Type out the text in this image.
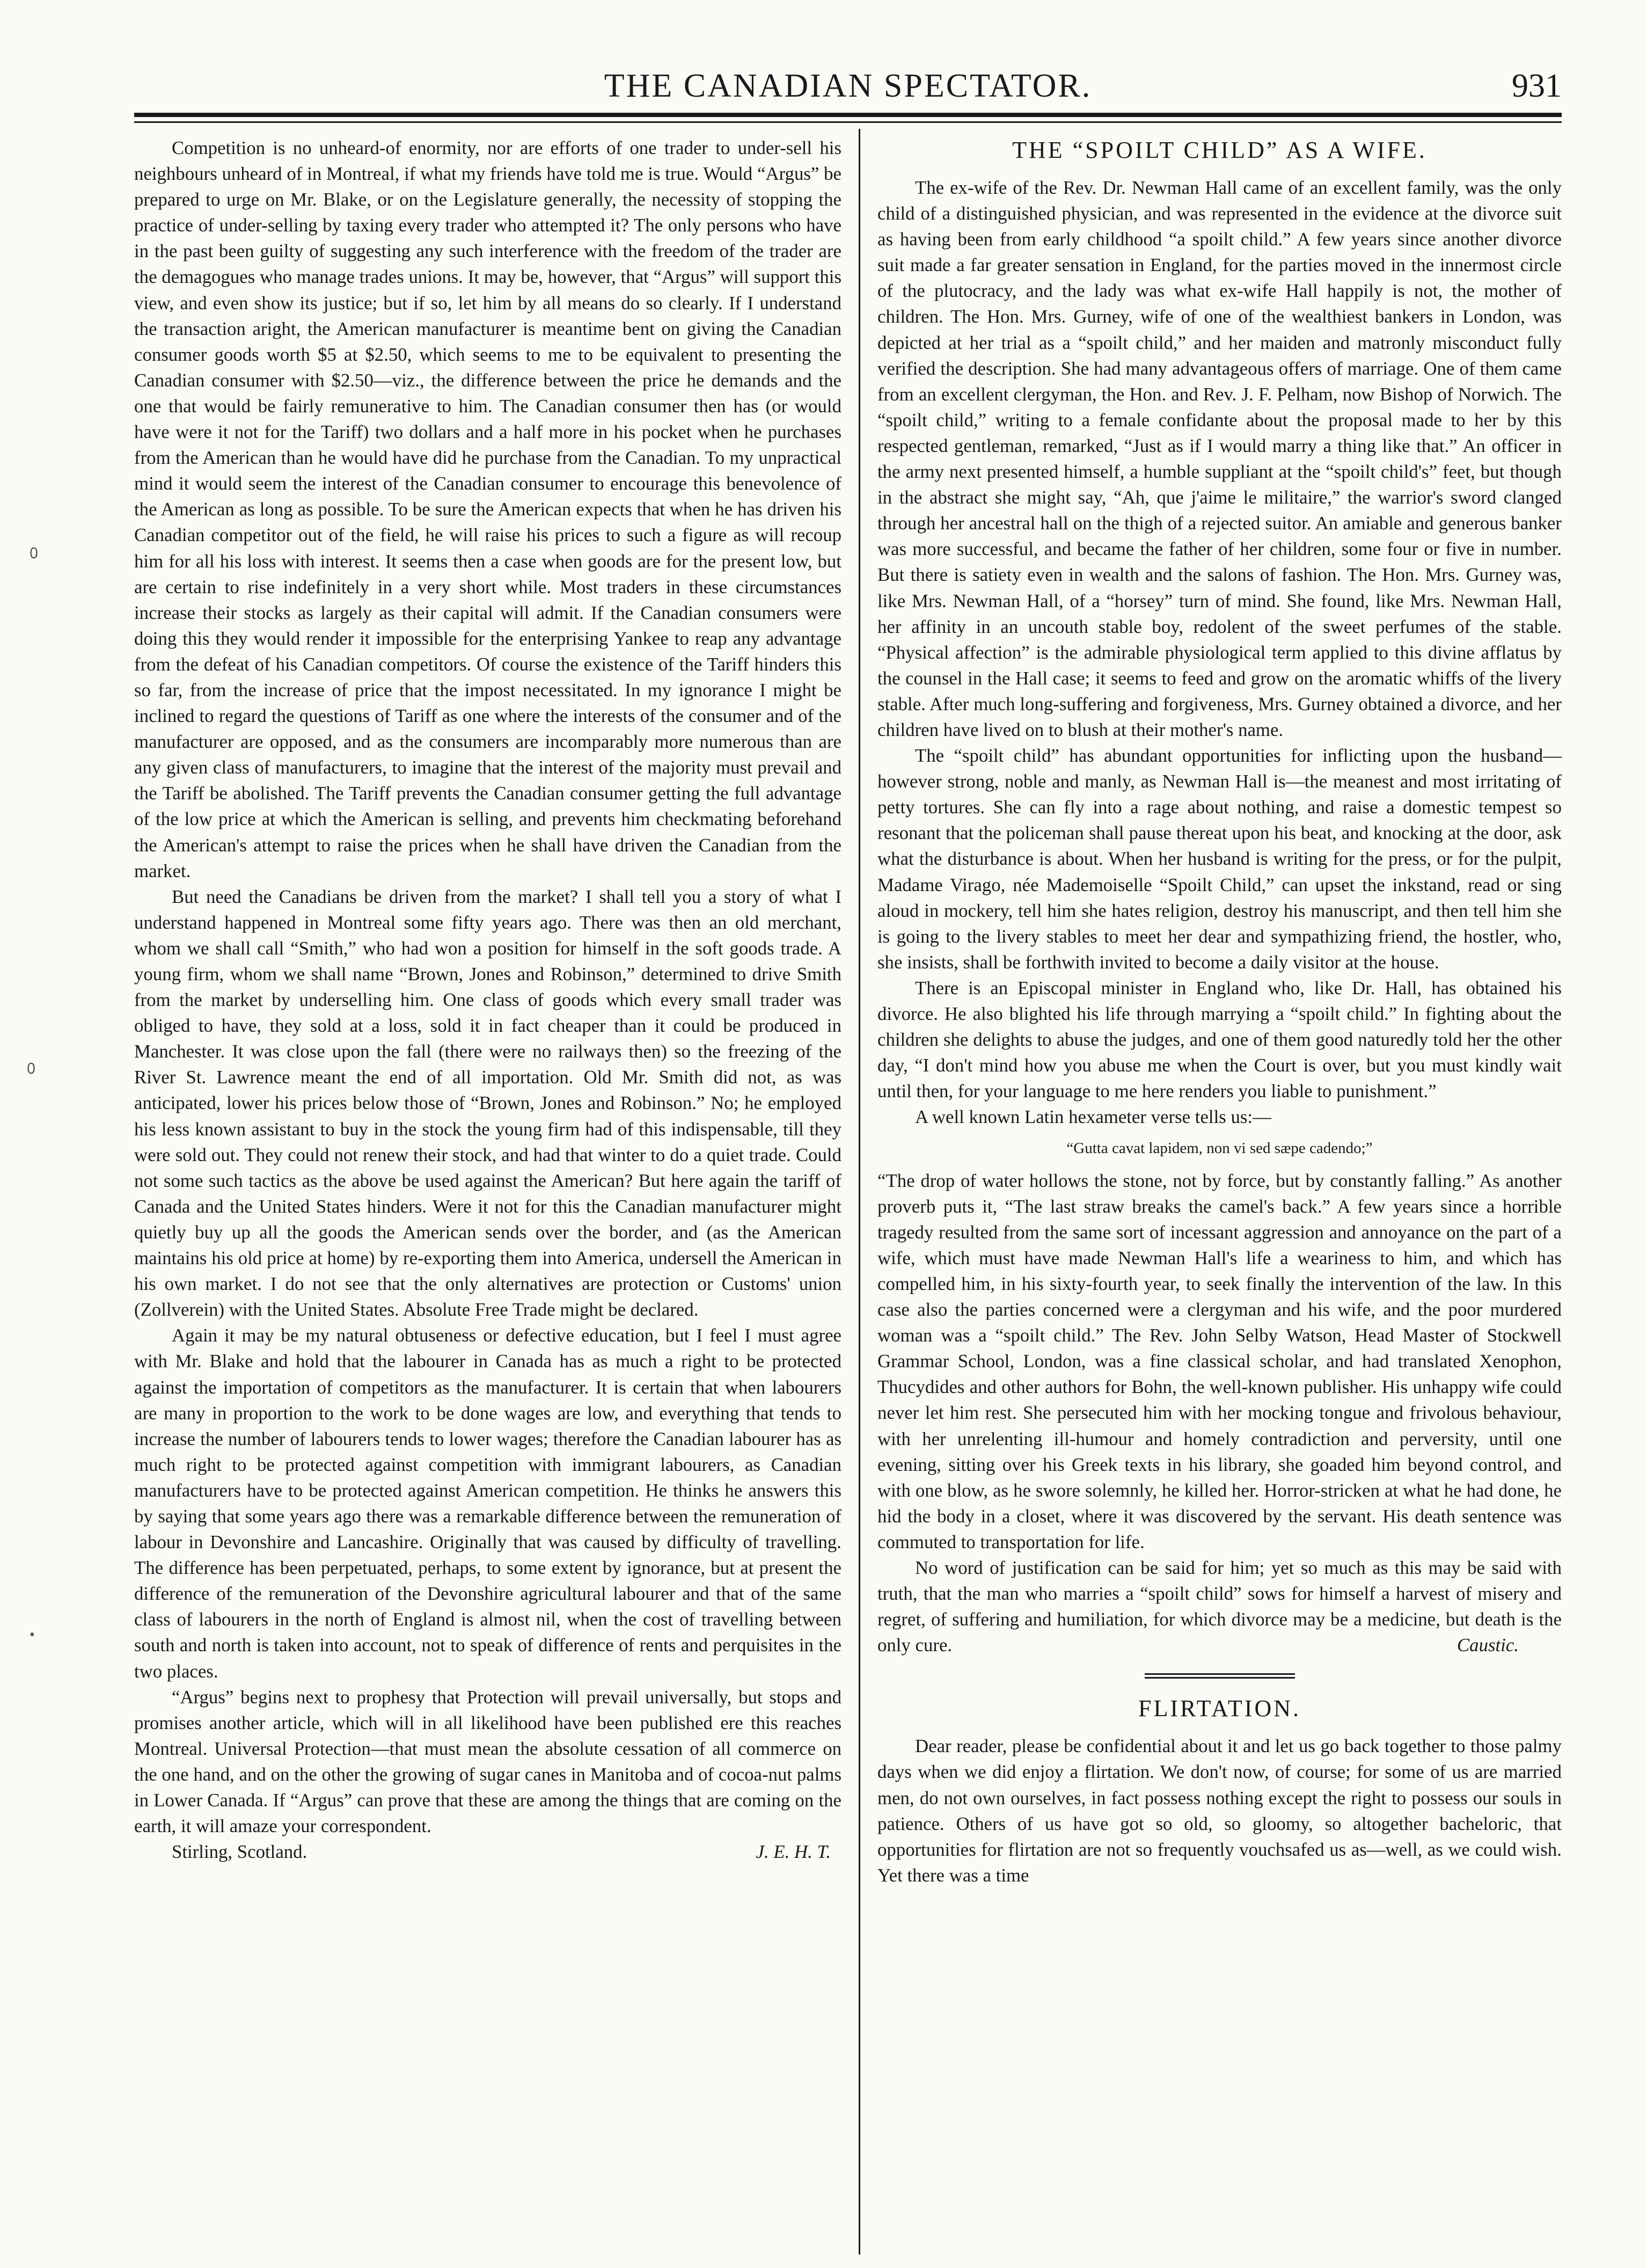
THE CANADIAN SPECTATOR.	931
᠐
᠐
•

Competition is no unheard-of enormity, nor are efforts of one trader to under-sell his neighbours unheard of in Montreal, if what my friends have told me is true. Would “Argus” be prepared to urge on Mr. Blake, or on the Legislature generally, the necessity of stopping the practice of under-selling by taxing every trader who attempted it? The only persons who have in the past been guilty of suggesting any such interference with the freedom of the trader are the demagogues who manage trades unions. It may be, however, that “Argus” will support this view, and even show its justice; but if so, let him by all means do so clearly. If I understand the transaction aright, the American manufacturer is meantime bent on giving the Canadian consumer goods worth $5 at $2.50, which seems to me to be equivalent to presenting the Canadian consumer with $2.50—viz., the difference between the price he demands and the one that would be fairly remunerative to him. The Canadian consumer then has (or would have were it not for the Tariff) two dollars and a half more in his pocket when he purchases from the American than he would have did he purchase from the Canadian. To my unpractical mind it would seem the interest of the Canadian consumer to encourage this benevolence of the American as long as possible. To be sure the American expects that when he has driven his Canadian competitor out of the field, he will raise his prices to such a figure as will recoup him for all his loss with interest. It seems then a case when goods are for the present low, but are certain to rise indefinitely in a very short while. Most traders in these circumstances increase their stocks as largely as their capital will admit. If the Canadian consumers were doing this they would render it impossible for the enterprising Yankee to reap any advantage from the defeat of his Canadian competitors. Of course the existence of the Tariff hinders this so far, from the increase of price that the impost necessitated. In my ignorance I might be inclined to regard the questions of Tariff as one where the interests of the consumer and of the manufacturer are opposed, and as the consumers are incomparably more numerous than are any given class of manufacturers, to imagine that the interest of the majority must prevail and the Tariff be abolished. The Tariff prevents the Canadian consumer getting the full advantage of the low price at which the American is selling, and prevents him checkmating beforehand the American's attempt to raise the prices when he shall have driven the Canadian from the market.

But need the Canadians be driven from the market? I shall tell you a story of what I understand happened in Montreal some fifty years ago. There was then an old merchant, whom we shall call “Smith,” who had won a position for himself in the soft goods trade. A young firm, whom we shall name “Brown, Jones and Robinson,” determined to drive Smith from the market by underselling him. One class of goods which every small trader was obliged to have, they sold at a loss, sold it in fact cheaper than it could be produced in Manchester. It was close upon the fall (there were no railways then) so the freezing of the River St. Lawrence meant the end of all importation. Old Mr. Smith did not, as was anticipated, lower his prices below those of “Brown, Jones and Robinson.” No; he employed his less known assistant to buy in the stock the young firm had of this indispensable, till they were sold out. They could not renew their stock, and had that winter to do a quiet trade. Could not some such tactics as the above be used against the American? But here again the tariff of Canada and the United States hinders. Were it not for this the Canadian manufacturer might quietly buy up all the goods the American sends over the border, and (as the American maintains his old price at home) by re-exporting them into America, undersell the American in his own market. I do not see that the only alternatives are protection or Customs' union (Zollverein) with the United States. Absolute Free Trade might be declared.

Again it may be my natural obtuseness or defective education, but I feel I must agree with Mr. Blake and hold that the labourer in Canada has as much a right to be protected against the importation of competitors as the manufacturer. It is certain that when labourers are many in proportion to the work to be done wages are low, and everything that tends to increase the number of labourers tends to lower wages; therefore the Canadian labourer has as much right to be protected against competition with immigrant labourers, as Canadian manufacturers have to be protected against American competition. He thinks he answers this by saying that some years ago there was a remarkable difference between the remuneration of labour in Devonshire and Lancashire. Originally that was caused by difficulty of travelling. The difference has been perpetuated, perhaps, to some extent by ignorance, but at present the difference of the remuneration of the Devonshire agricultural labourer and that of the same class of labourers in the north of England is almost nil, when the cost of travelling between south and north is taken into account, not to speak of difference of rents and perquisites in the two places.

“Argus” begins next to prophesy that Protection will prevail universally, but stops and promises another article, which will in all likelihood have been published ere this reaches Montreal. Universal Protection—that must mean the absolute cessation of all commerce on the one hand, and on the other the growing of sugar canes in Manitoba and of cocoa-nut palms in Lower Canada. If “Argus” can prove that these are among the things that are coming on the earth, it will amaze your correspondent.

Stirling, Scotland.	J. E. H. T.
THE “SPOILT CHILD” AS A WIFE.

The ex-wife of the Rev. Dr. Newman Hall came of an excellent family, was the only child of a distinguished physician, and was represented in the evidence at the divorce suit as having been from early childhood “a spoilt child.” A few years since another divorce suit made a far greater sensation in England, for the parties moved in the innermost circle of the plutocracy, and the lady was what ex-wife Hall happily is not, the mother of children. The Hon. Mrs. Gurney, wife of one of the wealthiest bankers in London, was depicted at her trial as a “spoilt child,” and her maiden and matronly misconduct fully verified the description. She had many advantageous offers of marriage. One of them came from an excellent clergyman, the Hon. and Rev. J. F. Pelham, now Bishop of Norwich. The “spoilt child,” writing to a female confidante about the proposal made to her by this respected gentleman, remarked, “Just as if I would marry a thing like that.” An officer in the army next presented himself, a humble suppliant at the “spoilt child's” feet, but though in the abstract she might say, “Ah, que j'aime le militaire,” the warrior's sword clanged through her ancestral hall on the thigh of a rejected suitor. An amiable and generous banker was more successful, and became the father of her children, some four or five in number. But there is satiety even in wealth and the salons of fashion. The Hon. Mrs. Gurney was, like Mrs. Newman Hall, of a “horsey” turn of mind. She found, like Mrs. Newman Hall, her affinity in an uncouth stable boy, redolent of the sweet perfumes of the stable. “Physical affection” is the admirable physiological term applied to this divine afflatus by the counsel in the Hall case; it seems to feed and grow on the aromatic whiffs of the livery stable. After much long-suffering and forgiveness, Mrs. Gurney obtained a divorce, and her children have lived on to blush at their mother's name.

The “spoilt child” has abundant opportunities for inflicting upon the husband—however strong, noble and manly, as Newman Hall is—the meanest and most irritating of petty tortures. She can fly into a rage about nothing, and raise a domestic tempest so resonant that the policeman shall pause thereat upon his beat, and knocking at the door, ask what the disturbance is about. When her husband is writing for the press, or for the pulpit, Madame Virago, née Mademoiselle “Spoilt Child,” can upset the inkstand, read or sing aloud in mockery, tell him she hates religion, destroy his manuscript, and then tell him she is going to the livery stables to meet her dear and sympathizing friend, the hostler, who, she insists, shall be forthwith invited to become a daily visitor at the house.

There is an Episcopal minister in England who, like Dr. Hall, has obtained his divorce. He also blighted his life through marrying a “spoilt child.” In fighting about the children she delights to abuse the judges, and one of them good naturedly told her the other day, “I don't mind how you abuse me when the Court is over, but you must kindly wait until then, for your language to me here renders you liable to punishment.”

A well known Latin hexameter verse tells us:—

“Gutta cavat lapidem, non vi sed sæpe cadendo;”

“The drop of water hollows the stone, not by force, but by constantly falling.” As another proverb puts it, “The last straw breaks the camel's back.” A few years since a horrible tragedy resulted from the same sort of incessant aggression and annoyance on the part of a wife, which must have made Newman Hall's life a weariness to him, and which has compelled him, in his sixty-fourth year, to seek finally the intervention of the law. In this case also the parties concerned were a clergyman and his wife, and the poor murdered woman was a “spoilt child.” The Rev. John Selby Watson, Head Master of Stockwell Grammar School, London, was a fine classical scholar, and had translated Xenophon, Thucydides and other authors for Bohn, the well-known publisher. His unhappy wife could never let him rest. She persecuted him with her mocking tongue and frivolous behaviour, with her unrelenting ill-humour and homely contradiction and perversity, until one evening, sitting over his Greek texts in his library, she goaded him beyond control, and with one blow, as he swore solemnly, he killed her. Horror-stricken at what he had done, he hid the body in a closet, where it was discovered by the servant. His death sentence was commuted to transportation for life.

No word of justification can be said for him; yet so much as this may be said with truth, that the man who marries a “spoilt child” sows for himself a harvest of misery and regret, of suffering and humiliation, for which divorce may be a medicine, but death is the only cure.	Caustic.

FLIRTATION.

Dear reader, please be confidential about it and let us go back together to those palmy days when we did enjoy a flirtation. We don't now, of course; for some of us are married men, do not own ourselves, in fact possess nothing except the right to possess our souls in patience. Others of us have got so old, so gloomy, so altogether bacheloric, that opportunities for flirtation are not so frequently vouchsafed us as—well, as we could wish. Yet there was a time
